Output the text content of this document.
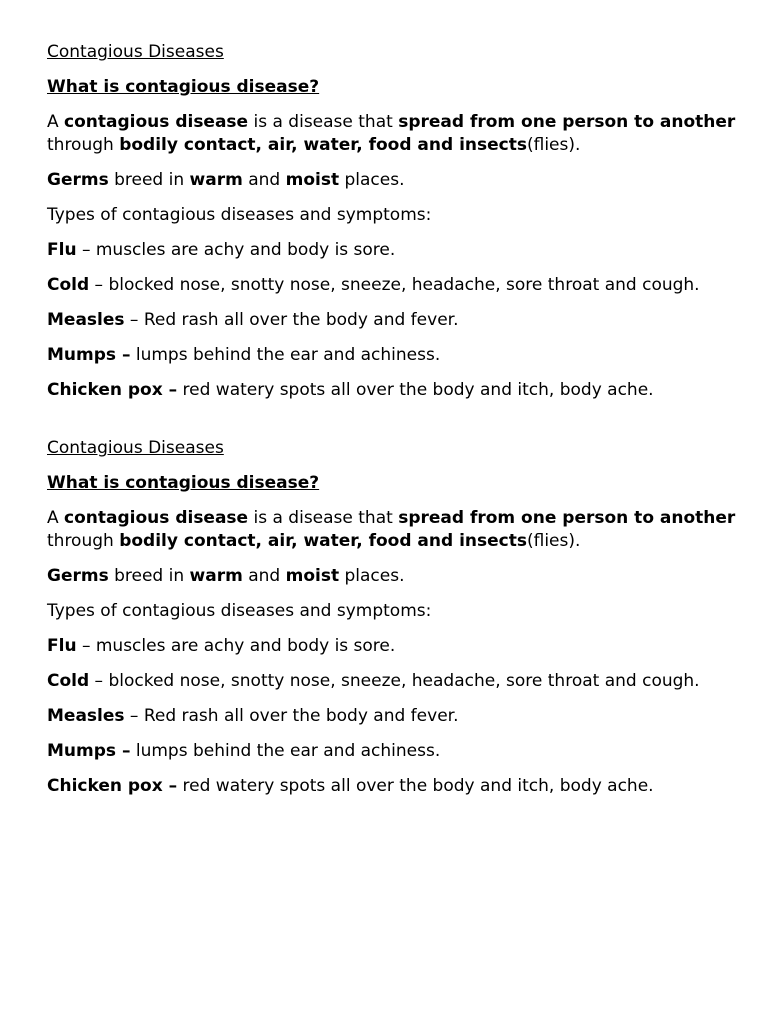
Contagious Diseases

What is contagious disease?

A contagious disease is a disease that spread from one person to another through bodily contact, air, water, food and insects(flies).

Germs breed in warm and moist places.

Types of contagious diseases and symptoms:

Flu – muscles are achy and body is sore.

Cold – blocked nose, snotty nose, sneeze, headache, sore throat and cough.

Measles – Red rash all over the body and fever.

Mumps – lumps behind the ear and achiness.

Chicken pox – red watery spots all over the body and itch, body ache.

Contagious Diseases

What is contagious disease?

A contagious disease is a disease that spread from one person to another through bodily contact, air, water, food and insects(flies).

Germs breed in warm and moist places.

Types of contagious diseases and symptoms:

Flu – muscles are achy and body is sore.

Cold – blocked nose, snotty nose, sneeze, headache, sore throat and cough.

Measles – Red rash all over the body and fever.

Mumps – lumps behind the ear and achiness.

Chicken pox – red watery spots all over the body and itch, body ache.
